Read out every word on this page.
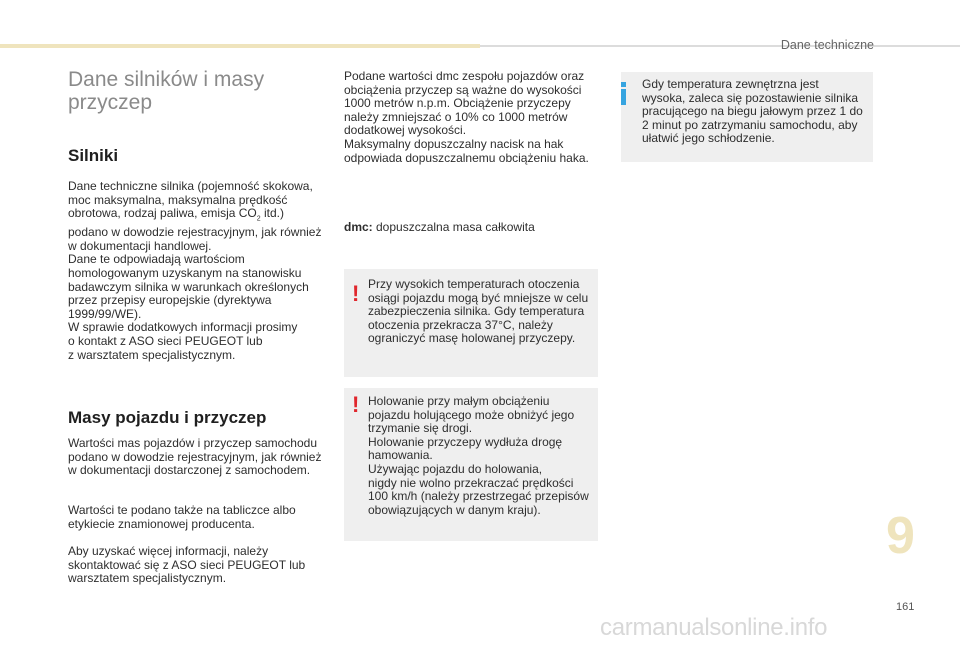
Dane techniczne
Dane silników i masy
przyczep
Silniki
Dane techniczne silnika (pojemność skokowa,
moc maksymalna, maksymalna prędkość
obrotowa, rodzaj paliwa, emisja $CO_2$ itd.)
podano w dowodzie rejestracyjnym, jak również
w dokumentacji handlowej.
Dane te odpowiadają wartościom
homologowanym uzyskanym na stanowisku
badawczym silnika w warunkach określonych
przez przepisy europejskie (dyrektywa
1999/99/WE).
W sprawie dodatkowych informacji prosimy
o kontakt z ASO sieci PEUGEOT lub
z warsztatem specjalistycznym.
Masy pojazdu i przyczep
Wartości mas pojazdów i przyczep samochodu
podano w dowodzie rejestracyjnym, jak również
w dokumentacji dostarczonej z samochodem.
Wartości te podano także na tabliczce albo
etykiecie znamionowej producenta.
Aby uzyskać więcej informacji, należy
skontaktować się z ASO sieci PEUGEOT lub
warsztatem specjalistycznym.
Podane wartości dmc zespołu pojazdów oraz
obciążenia przyczep są ważne do wysokości
1000 metrów n.p.m. Obciążenie przyczepy
należy zmniejszać o 10% co 1000 metrów
dodatkowej wysokości.
Maksymalny dopuszczalny nacisk na hak
odpowiada dopuszczalnemu obciążeniu haka.
dmc: dopuszczalna masa całkowita
! Przy wysokich temperaturach otoczenia
osiągi pojazdu mogą być mniejsze w celu
zabezpieczenia silnika. Gdy temperatura
otoczenia przekracza 37°C, należy
ograniczyć masę holowanej przyczepy.
! Holowanie przy małym obciążeniu
pojazdu holującego może obniżyć jego
trzymanie się drogi.
Holowanie przyczepy wydłuża drogę
hamowania.
Używając pojazdu do holowania,
nigdy nie wolno przekraczać prędkości
100 km/h (należy przestrzegać przepisów
obowiązujących w danym kraju).
Gdy temperatura zewnętrzna jest
wysoka, zaleca się pozostawienie silnika
pracującego na biegu jałowym przez 1 do
2 minut po zatrzymaniu samochodu, aby
ułatwić jego schłodzenie.
9
161
carmanualsonline.info
